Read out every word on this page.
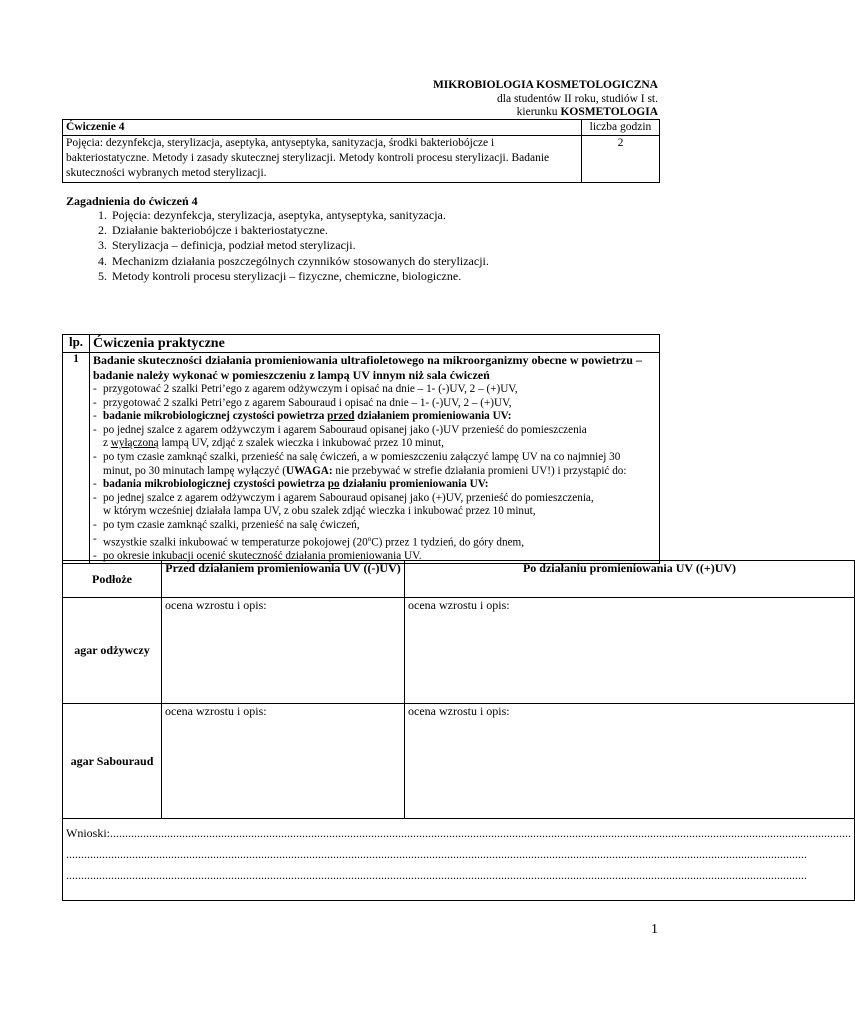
MIKROBIOLOGIA KOSMETOLOGICZNA
dla studentów II roku, studiów I st.
kierunku KOSMETOLOGIA
Ćwiczenie 4	liczba godzin
Pojęcia: dezynfekcja, sterylizacja, aseptyka, antyseptyka, sanityzacja, środki bakteriobójcze i bakteriostatyczne. Metody i zasady skutecznej sterylizacji. Metody kontroli procesu sterylizacji. Badanie skuteczności wybranych metod sterylizacji.	2
Zagadnienia do ćwiczeń 4
1. Pojęcia: dezynfekcja, sterylizacja, aseptyka, antyseptyka, sanityzacja.
2. Działanie bakteriobójcze i bakteriostatyczne.
3. Sterylizacja – definicja, podział metod sterylizacji.
4. Mechanizm działania poszczególnych czynników stosowanych do sterylizacji.
5. Metody kontroli procesu sterylizacji – fizyczne, chemiczne, biologiczne.
lp.	Ćwiczenia praktyczne
1	Badanie skuteczności działania promieniowania ultrafioletowego na mikroorganizmy obecne w powietrzu – badanie należy wykonać w pomieszczeniu z lampą UV innym niż sala ćwiczeń
- przygotować 2 szalki Petri’ego z agarem odżywczym i opisać na dnie – 1- (-)UV, 2 – (+)UV,
- przygotować 2 szalki Petri’ego z agarem Sabouraud i opisać na dnie – 1- (-)UV, 2 – (+)UV,
- badanie mikrobiologicznej czystości powietrza przed działaniem promieniowania UV:
- po jednej szalce z agarem odżywczym i agarem Sabouraud opisanej jako (-)UV przenieść do pomieszczenia
z wyłączoną lampą UV, zdjąć z szalek wieczka i inkubować przez 10 minut,
- po tym czasie zamknąć szalki, przenieść na salę ćwiczeń, a w pomieszczeniu załączyć lampę UV na co najmniej 30
minut, po 30 minutach lampę wyłączyć (UWAGA: nie przebywać w strefie działania promieni UV!) i przystąpić do:
- badania mikrobiologicznej czystości powietrza po działaniu promieniowania UV:
- po jednej szalce z agarem odżywczym i agarem Sabouraud opisanej jako (+)UV, przenieść do pomieszczenia,
w którym wcześniej działała lampa UV, z obu szalek zdjąć wieczka i inkubować przez 10 minut,
- po tym czasie zamknąć szalki, przenieść na salę ćwiczeń,
- wszystkie szalki inkubować w temperaturze pokojowej (20$^o$C) przez 1 tydzień, do góry dnem,
- po okresie inkubacji ocenić skuteczność działania promieniowania UV.
Podłoże	Przed działaniem promieniowania UV ((-)UV)	Po działaniu promieniowania UV ((+)UV)
agar odżywczy	ocena wzrostu i opis:	ocena wzrostu i opis:
agar Sabouraud	ocena wzrostu i opis:	ocena wzrostu i opis:

Wnioski:.......................................................................................................................................................................................................................................................
.......................................................................................................................................................................................................................................................
.......................................................................................................................................................................................................................................................		
1
